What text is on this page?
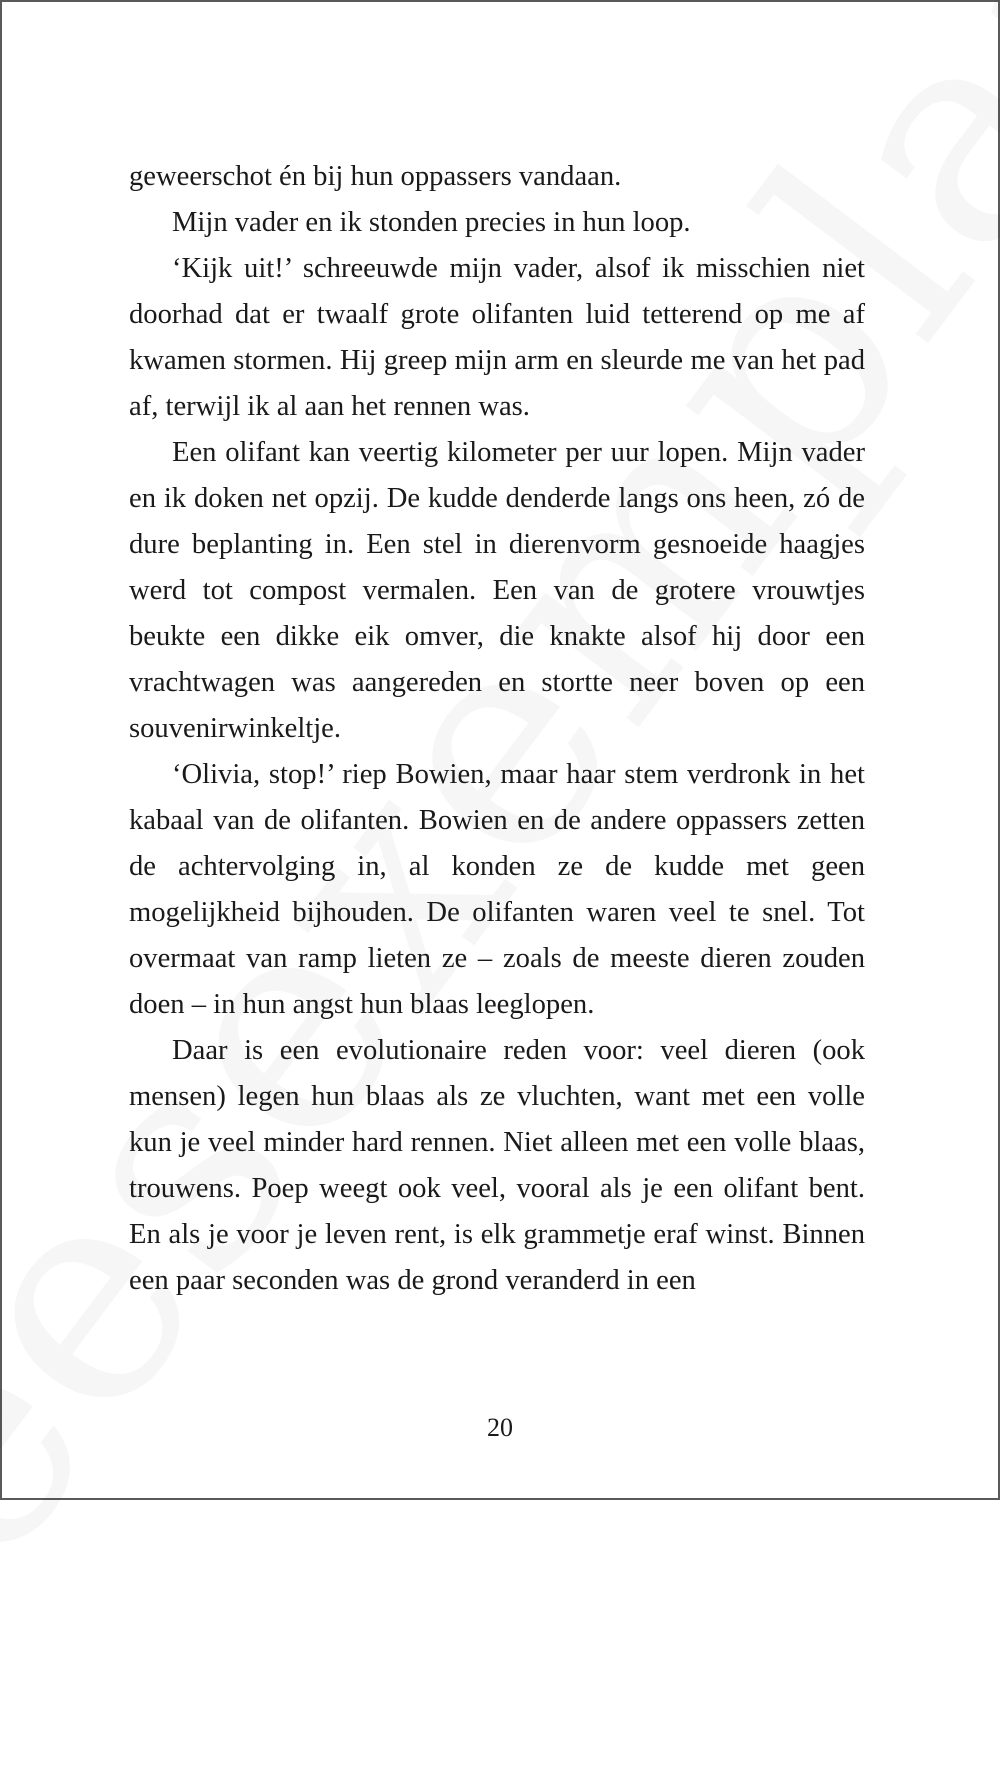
geweerschot én bij hun oppassers vandaan.

Mijn vader en ik stonden precies in hun loop.

‘Kijk uit!’ schreeuwde mijn vader, alsof ik misschien niet doorhad dat er twaalf grote olifanten luid tetterend op me af kwamen stormen. Hij greep mijn arm en sleurde me van het pad af, terwijl ik al aan het rennen was.

Een olifant kan veertig kilometer per uur lopen. Mijn vader en ik doken net opzij. De kudde denderde langs ons heen, zó de dure beplanting in. Een stel in dierenvorm gesnoeide haagjes werd tot compost vermalen. Een van de grotere vrouwtjes beukte een dikke eik omver, die knakte alsof hij door een vrachtwagen was aangereden en stortte neer boven op een souvenirwinkeltje.

‘Olivia, stop!’ riep Bowien, maar haar stem verdronk in het kabaal van de olifanten. Bowien en de andere oppassers zetten de achtervolging in, al konden ze de kudde met geen mogelijkheid bijhouden. De olifanten waren veel te snel. Tot overmaat van ramp lieten ze – zoals de meeste dieren zouden doen – in hun angst hun blaas leeglopen.

Daar is een evolutionaire reden voor: veel dieren (ook mensen) legen hun blaas als ze vluchten, want met een volle kun je veel minder hard rennen. Niet alleen met een volle blaas, trouwens. Poep weegt ook veel, vooral als je een olifant bent. En als je voor je leven rent, is elk grammetje eraf winst. Binnen een paar seconden was de grond veranderd in een

20
